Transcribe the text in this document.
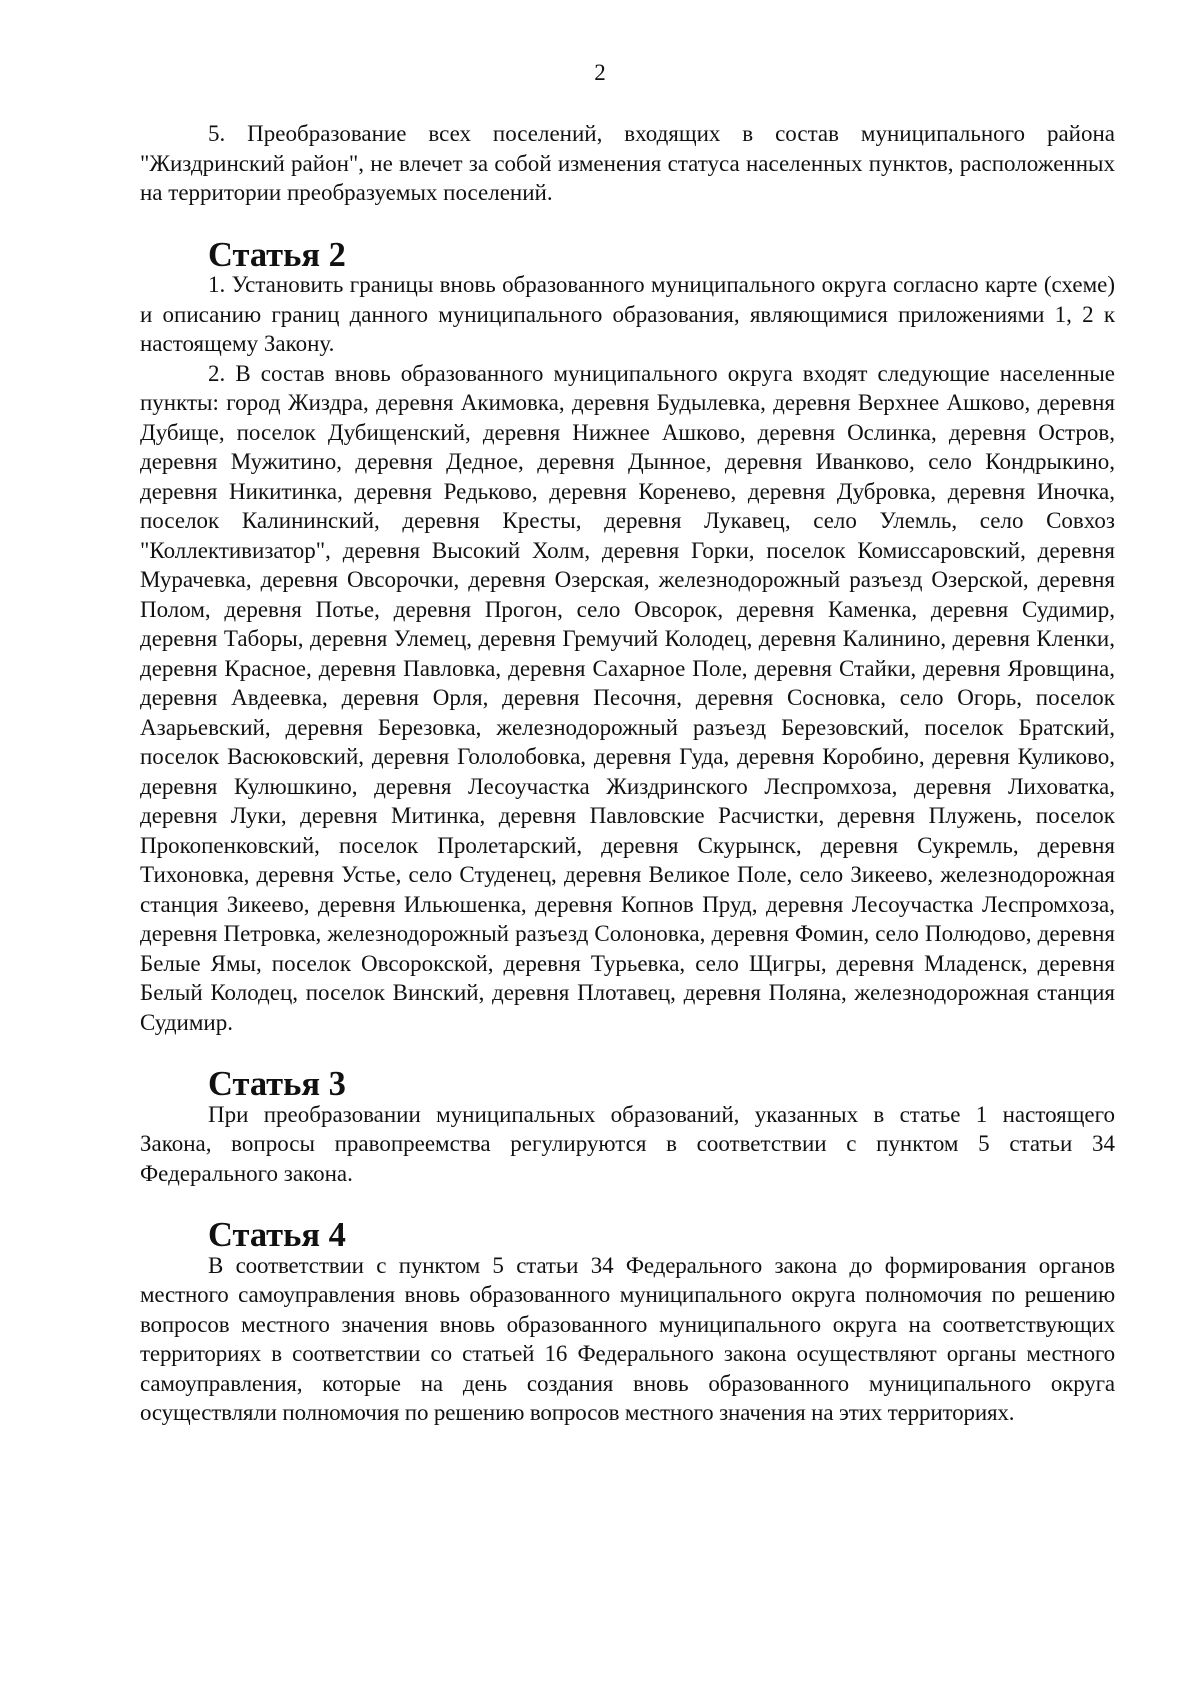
2

5. Преобразование всех поселений, входящих в состав муниципального района "Жиздринский район", не влечет за собой изменения статуса населенных пунктов, расположенных на территории преобразуемых поселений.

Статья 2

1. Установить границы вновь образованного муниципального округа согласно карте (схеме) и описанию границ данного муниципального образования, являющимися приложениями 1, 2 к настоящему Закону.

2. В состав вновь образованного муниципального округа входят следующие населенные пункты: город Жиздра, деревня Акимовка, деревня Будылевка, деревня Верхнее Ашково, деревня Дубище, поселок Дубищенский, деревня Нижнее Ашково, деревня Ослинка, деревня Остров, деревня Мужитино, деревня Дедное, деревня Дынное, деревня Иванково, село Кондрыкино, деревня Никитинка, деревня Редьково, деревня Коренево, деревня Дубровка, деревня Иночка, поселок Калининский, деревня Кресты, деревня Лукавец, село Улемль, село Совхоз "Коллективизатор", деревня Высокий Холм, деревня Горки, поселок Комиссаровский, деревня Мурачевка, деревня Овсорочки, деревня Озерская, железнодорожный разъезд Озерской, деревня Полом, деревня Потье, деревня Прогон, село Овсорок, деревня Каменка, деревня Судимир, деревня Таборы, деревня Улемец, деревня Гремучий Колодец, деревня Калинино, деревня Кленки, деревня Красное, деревня Павловка, деревня Сахарное Поле, деревня Стайки, деревня Яровщина, деревня Авдеевка, деревня Орля, деревня Песочня, деревня Сосновка, село Огорь, поселок Азарьевский, деревня Березовка, железнодорожный разъезд Березовский, поселок Братский, поселок Васюковский, деревня Гололобовка, деревня Гуда, деревня Коробино, деревня Куликово, деревня Кулюшкино, деревня Лесоучастка Жиздринского Леспромхоза, деревня Лиховатка, деревня Луки, деревня Митинка, деревня Павловские Расчистки, деревня Плужень, поселок Прокопенковский, поселок Пролетарский, деревня Скурынск, деревня Сукремль, деревня Тихоновка, деревня Устье, село Студенец, деревня Великое Поле, село Зикеево, железнодорожная станция Зикеево, деревня Ильюшенка, деревня Копнов Пруд, деревня Лесоучастка Леспромхоза, деревня Петровка, железнодорожный разъезд Солоновка, деревня Фомин, село Полюдово, деревня Белые Ямы, поселок Овсорокской, деревня Турьевка, село Щигры, деревня Младенск, деревня Белый Колодец, поселок Винский, деревня Плотавец, деревня Поляна, железнодорожная станция Судимир.

Статья 3

При преобразовании муниципальных образований, указанных в статье 1 настоящего Закона, вопросы правопреемства регулируются в соответствии с пунктом 5 статьи 34 Федерального закона.

Статья 4

В соответствии с пунктом 5 статьи 34 Федерального закона до формирования органов местного самоуправления вновь образованного муниципального округа полномочия по решению вопросов местного значения вновь образованного муниципального округа на соответствующих территориях в соответствии со статьей 16 Федерального закона осуществляют органы местного самоуправления, которые на день создания вновь образованного муниципального округа осуществляли полномочия по решению вопросов местного значения на этих территориях.
